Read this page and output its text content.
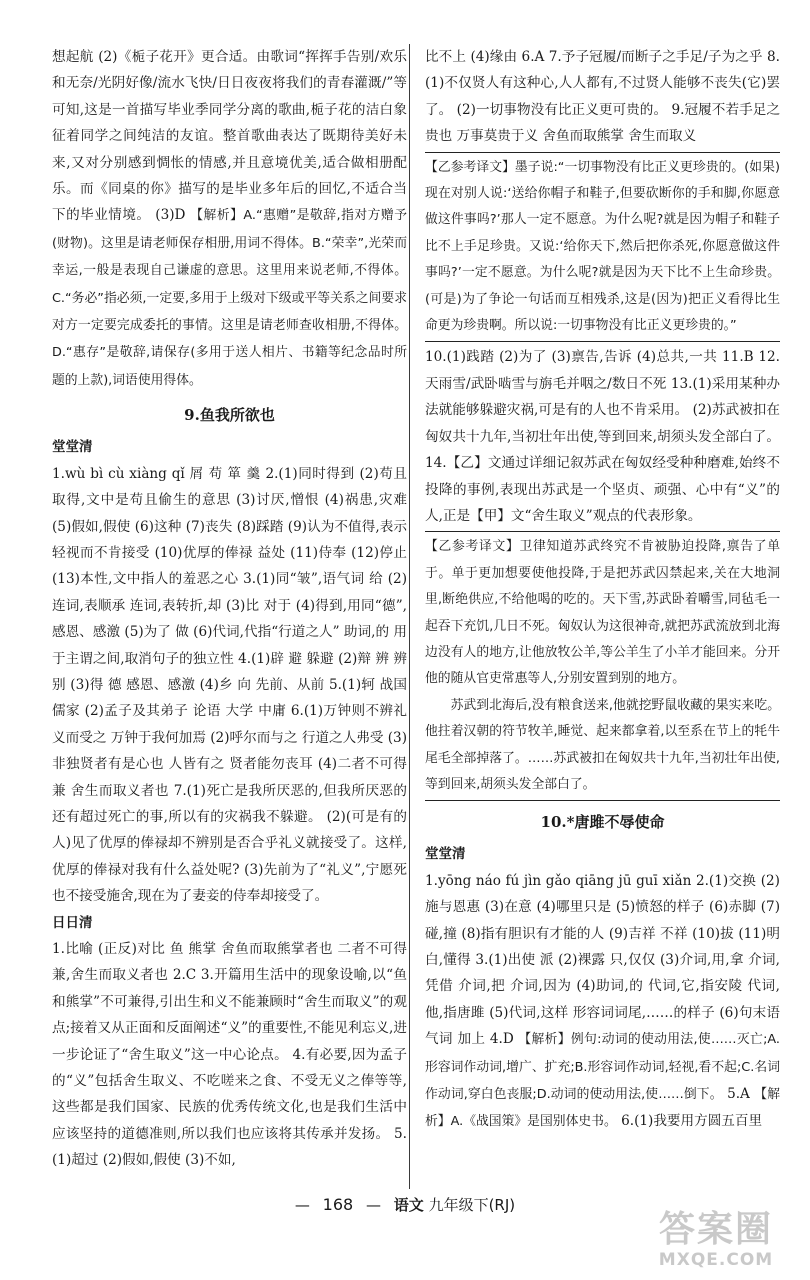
想起航 (2)《栀子花开》更合适。由歌词“挥挥手告别/欢乐和无奈/光阴好像/流水飞快/日日夜夜将我们的青春灌溉/”等可知,这是一首描写毕业季同学分离的歌曲,栀子花的洁白象征着同学之间纯洁的友谊。整首歌曲表达了既期待美好未来,又对分别感到惆怅的情感,并且意境优美,适合做相册配乐。而《同桌的你》描写的是毕业多年后的回忆,不适合当下的毕业情境。 (3)D 【解析】A.“惠赠”是敬辞,指对方赠予(财物)。这里是请老师保存相册,用词不得体。B.“荣幸”,光荣而幸运,一般是表现自己谦虚的意思。这里用来说老师,不得体。C.“务必”指必须,一定要,多用于上级对下级或平等关系之间要求对方一定要完成委托的事情。这里是请老师查收相册,不得体。D.“惠存”是敬辞,请保存(多用于送人相片、书籍等纪念品时所题的上款),词语使用得体。

9.鱼我所欲也
堂堂清

1.wù bì cù xiàng qǐ 屑 苟 箪 羹 2.(1)同时得到 (2)苟且取得,文中是苟且偷生的意思 (3)讨厌,憎恨 (4)祸患,灾难 (5)假如,假使 (6)这种 (7)丧失 (8)踩踏 (9)认为不值得,表示轻视而不肯接受 (10)优厚的俸禄 益处 (11)侍奉 (12)停止 (13)本性,文中指人的羞恶之心 3.(1)同“皱”,语气词 给 (2)连词,表顺承 连词,表转折,却 (3)比 对于 (4)得到,用同“德”,感恩、感激 (5)为了 做 (6)代词,代指“行道之人” 助词,的 用于主谓之间,取消句子的独立性 4.(1)辟 避 躲避 (2)辩 辨 辨别 (3)得 德 感恩、感激 (4)乡 向 先前、从前 5.(1)轲 战国 儒家 (2)孟子及其弟子 论语 大学 中庸 6.(1)万钟则不辨礼义而受之 万钟于我何加焉 (2)呼尔而与之 行道之人弗受 (3)非独贤者有是心也 人皆有之 贤者能勿丧耳 (4)二者不可得兼 舍生而取义者也 7.(1)死亡是我所厌恶的,但我所厌恶的还有超过死亡的事,所以有的灾祸我不躲避。 (2)(可是有的人)见了优厚的俸禄却不辨别是否合乎礼义就接受了。这样,优厚的俸禄对我有什么益处呢? (3)先前为了“礼义”,宁愿死也不接受施舍,现在为了妻妾的侍奉却接受了。

日日清

1.比喻 (正反)对比 鱼 熊掌 舍鱼而取熊掌者也 二者不可得兼,舍生而取义者也 2.C 3.开篇用生活中的现象设喻,以“鱼和熊掌”不可兼得,引出生和义不能兼顾时“舍生而取义”的观点;接着又从正面和反面阐述“义”的重要性,不能见利忘义,进一步论证了“舍生取义”这一中心论点。 4.有必要,因为孟子的“义”包括舍生取义、不吃嗟来之食、不受无义之俸等等,这些都是我们国家、民族的优秀传统文化,也是我们生活中应该坚持的道德准则,所以我们也应该将其传承并发扬。 5.(1)超过 (2)假如,假使 (3)不如,

比不上 (4)缘由 6.A 7.予子冠履/而断子之手足/子为之乎 8.(1)不仅贤人有这种心,人人都有,不过贤人能够不丧失(它)罢了。 (2)一切事物没有比正义更可贵的。 9.冠履不若手足之贵也 万事莫贵于义 舍鱼而取熊掌 舍生而取义

【乙参考译文】墨子说:“一切事物没有比正义更珍贵的。(如果)现在对别人说:‘送给你帽子和鞋子,但要砍断你的手和脚,你愿意做这件事吗?’那人一定不愿意。为什么呢?就是因为帽子和鞋子比不上手足珍贵。又说:‘给你天下,然后把你杀死,你愿意做这件事吗?’一定不愿意。为什么呢?就是因为天下比不上生命珍贵。(可是)为了争论一句话而互相残杀,这是(因为)把正义看得比生命更为珍贵啊。所以说:一切事物没有比正义更珍贵的。”

10.(1)践踏 (2)为了 (3)禀告,告诉 (4)总共,一共 11.B 12.天雨雪/武卧啮雪与旃毛并咽之/数日不死 13.(1)采用某种办法就能够躲避灾祸,可是有的人也不肯采用。 (2)苏武被扣在匈奴共十九年,当初壮年出使,等到回来,胡须头发全部白了。 14.【乙】文通过详细记叙苏武在匈奴经受种种磨难,始终不投降的事例,表现出苏武是一个坚贞、顽强、心中有“义”的人,正是【甲】文“舍生取义”观点的代表形象。

【乙参考译文】卫律知道苏武终究不肯被胁迫投降,禀告了单于。单于更加想要使他投降,于是把苏武囚禁起来,关在大地洞里,断绝供应,不给他喝的吃的。天下雪,苏武卧着嚼雪,同毡毛一起吞下充饥,几日不死。匈奴认为这很神奇,就把苏武流放到北海边没有人的地方,让他放牧公羊,等公羊生了小羊才能回来。分开他的随从官吏常惠等人,分别安置到别的地方。

苏武到北海后,没有粮食送来,他就挖野鼠收藏的果实来吃。他拄着汉朝的符节牧羊,睡觉、起来都拿着,以至系在节上的牦牛尾毛全部掉落了。……苏武被扣在匈奴共十九年,当初壮年出使,等到回来,胡须头发全部白了。

10.*唐雎不辱使命
堂堂清

1.yōng náo fú jìn gǎo qiāng jū guī xiǎn 2.(1)交换 (2)施与恩惠 (3)在意 (4)哪里只是 (5)愤怒的样子 (6)赤脚 (7)碰,撞 (8)指有胆识有才能的人 (9)吉祥 不祥 (10)拔 (11)明白,懂得 3.(1)出使 派 (2)裸露 只,仅仅 (3)介词,用,拿 介词,凭借 介词,把 介词,因为 (4)助词,的 代词,它,指安陵 代词,他,指唐雎 (5)代词,这样 形容词词尾,……的样子 (6)句末语气词 加上 4.D 【解析】例句:动词的使动用法,使……灭亡;A.形容词作动词,增广、扩充;B.形容词作动词,轻视,看不起;C.名词作动词,穿白色丧服;D.动词的使动用法,使……倒下。 5.A 【解析】A.《战国策》是国别体史书。 6.(1)我要用方圆五百里

— 168 — 语文 九年级下(RJ)
答案圈
MXQE.COM
